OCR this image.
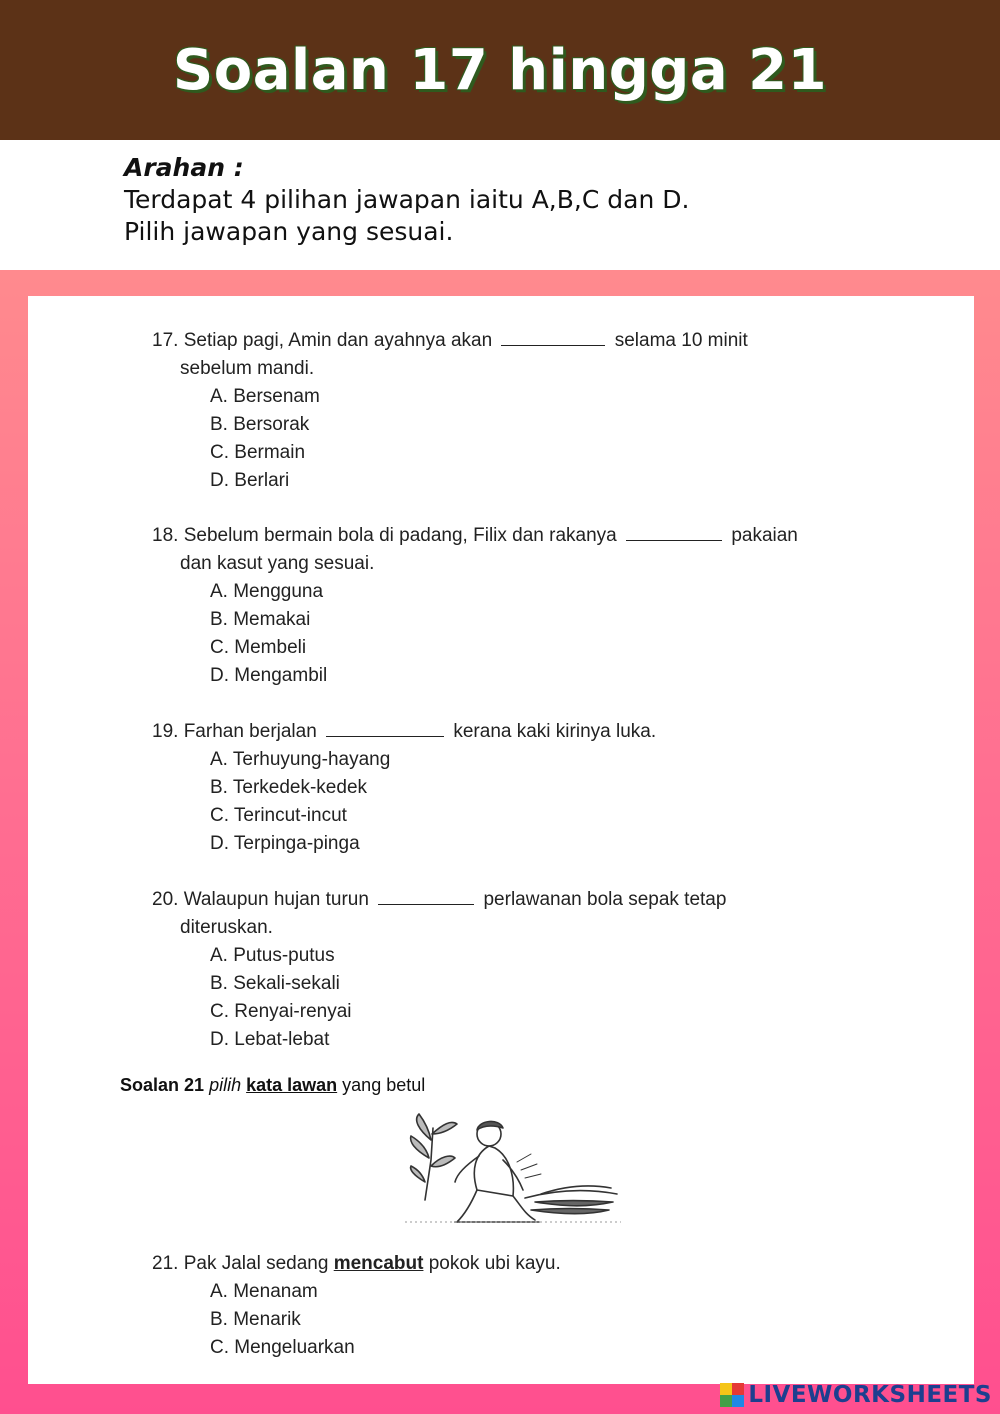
Soalan 17 hingga 21
Arahan :
Terdapat 4 pilihan jawapan iaitu A,B,C dan D.
Pilih jawapan yang sesuai.
17. Setiap pagi, Amin dan ayahnya akan	selama 10 minit
sebelum mandi.
A. Bersenam
B. Bersorak
C. Bermain
D. Berlari
18. Sebelum bermain bola di padang, Filix dan rakanya	pakaian
dan kasut yang sesuai.
A. Mengguna
B. Memakai
C. Membeli
D. Mengambil
19. Farhan berjalan	kerana kaki kirinya luka.
A. Terhuyung-hayang
B. Terkedek-kedek
C. Terincut-incut
D. Terpinga-pinga
20. Walaupun hujan turun	perlawanan bola sepak tetap
diteruskan.
A. Putus-putus
B. Sekali-sekali
C. Renyai-renyai
D. Lebat-lebat
Soalan 21 pilih kata lawan yang betul
21. Pak Jalal sedang mencabut pokok ubi kayu.
A. Menanam
B. Menarik
C. Mengeluarkan
LIVEWORKSHEETS
